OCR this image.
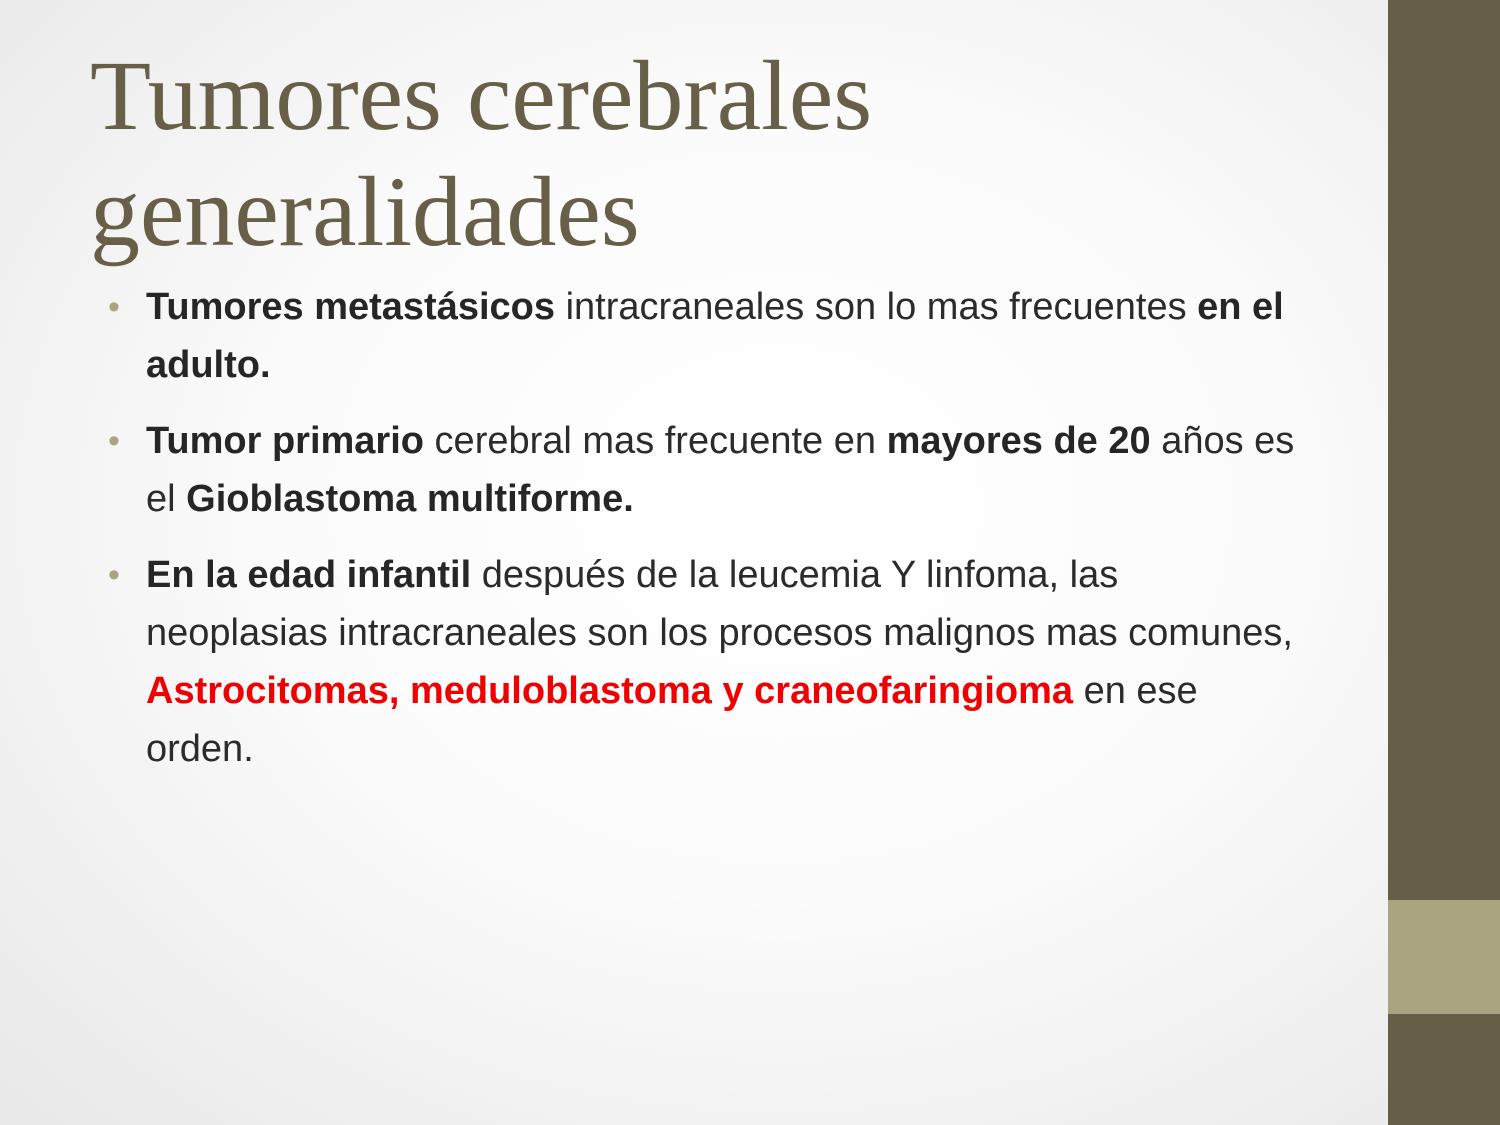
Tumores cerebrales
generalidades
• Tumores metastásicos intracraneales son lo mas frecuentes en el adulto.
• Tumor primario cerebral mas frecuente en mayores de 20 años es el Gioblastoma multiforme.
• En la edad infantil después de la leucemia Y linfoma, las neoplasias intracraneales son los procesos malignos mas comunes, Astrocitomas, meduloblastoma y craneofaringioma en ese orden.
